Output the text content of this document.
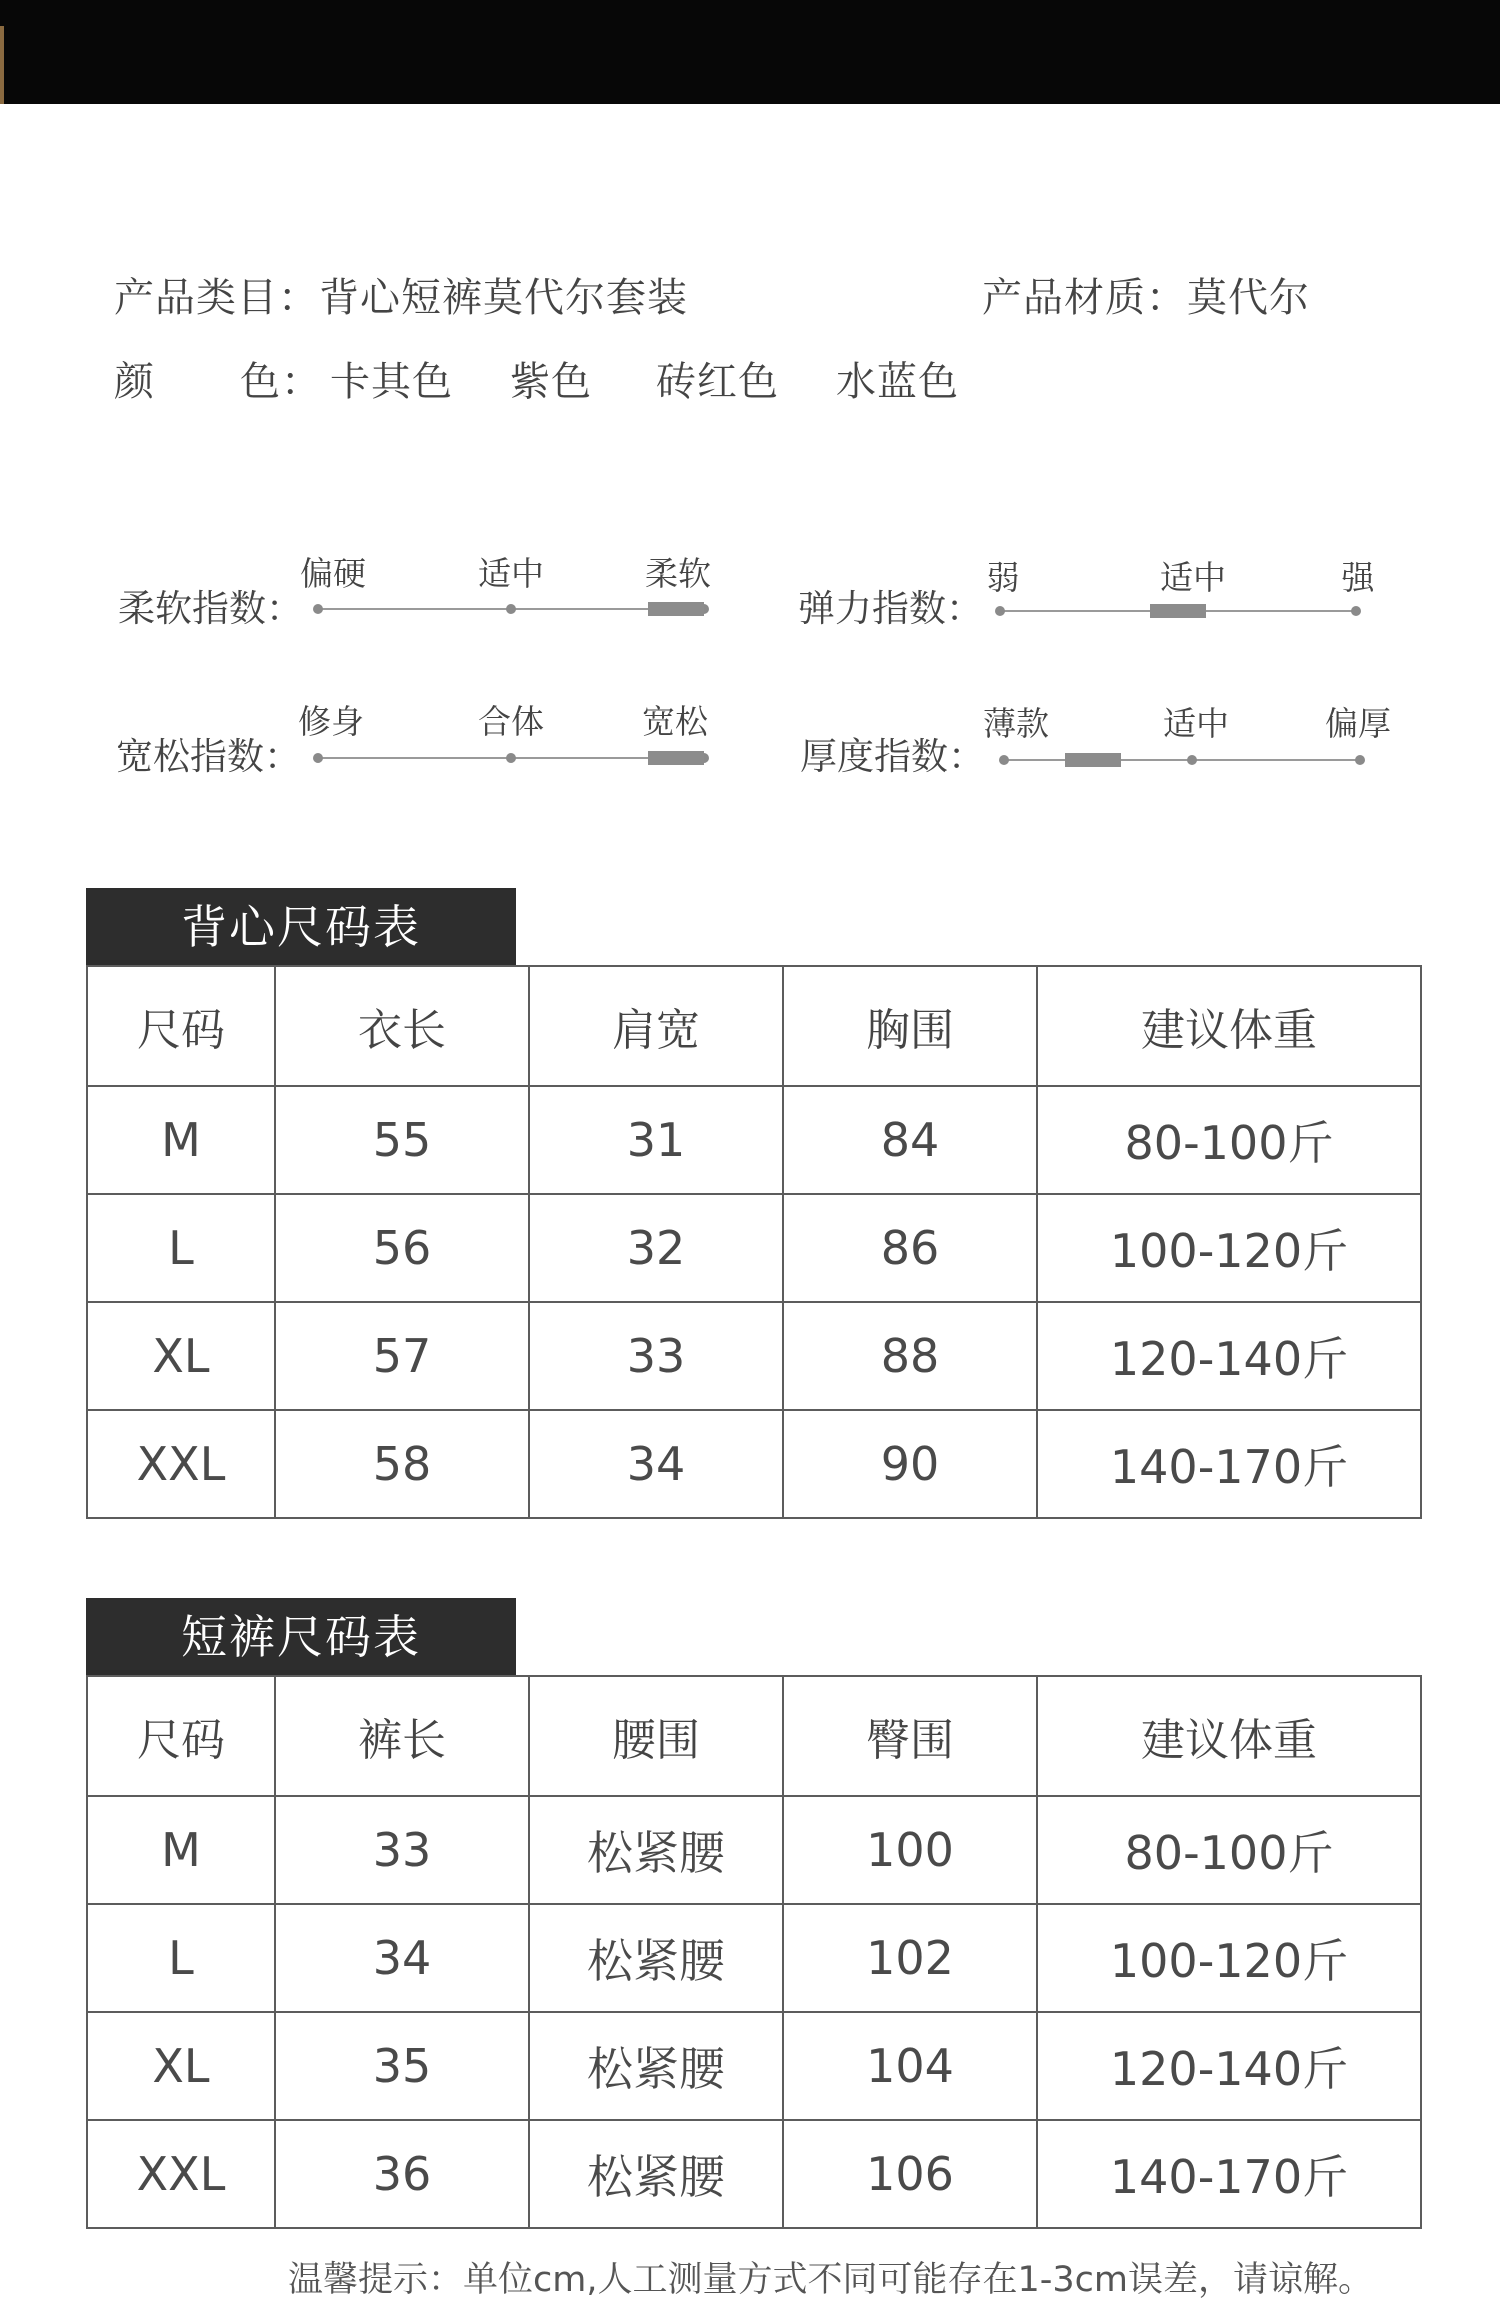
产品类目：背心短裤莫代尔套装	产品材质：莫代尔
颜 色： 卡其色 紫色 砖红色 水蓝色
柔软指数：
偏硬	适中	柔软
弹力指数：
弱	适中	强
宽松指数：
修身	合体	宽松
厚度指数：
薄款	适中	偏厚
背心尺码表
尺码	衣长	肩宽	胸围	建议体重
M	55	31	84	80-100斤
L	56	32	86	100-120斤
XL	57	33	88	120-140斤
XXL	58	34	90	140-170斤
短裤尺码表
尺码	裤长	腰围	臀围	建议体重
M	33	松紧腰	100	80-100斤
L	34	松紧腰	102	100-120斤
XL	35	松紧腰	104	120-140斤
XXL	36	松紧腰	106	140-170斤
温馨提示：单位cm,人工测量方式不同可能存在1-3cm误差，请谅解。
